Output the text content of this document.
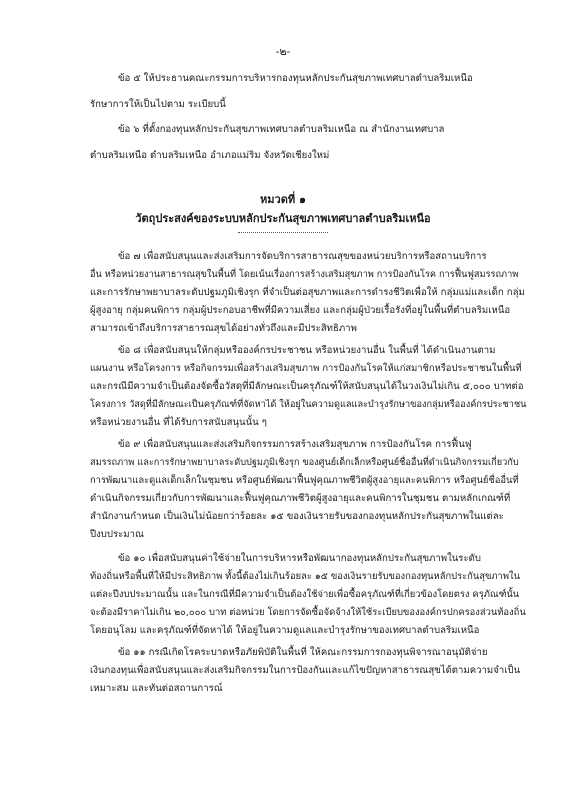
-๒-
ข้อ ๕ ให้ประธานคณะกรรมการบริหารกองทุนหลักประกันสุขภาพเทศบาลตำบลริมเหนือ
รักษาการให้เป็นไปตาม ระเบียบนี้
ข้อ ๖ ที่ตั้งกองทุนหลักประกันสุขภาพเทศบาลตำบลริมเหนือ ณ สำนักงานเทศบาล
ตำบลริมเหนือ ตำบลริมเหนือ อำเภอแม่ริม จังหวัดเชียงใหม่
หมวดที่ ๑
วัตถุประสงค์ของระบบหลักประกันสุขภาพเทศบาลตำบลริมเหนือ
ข้อ ๗ เพื่อสนับสนุนและส่งเสริมการจัดบริการสาธารณสุขของหน่วยบริการหรือสถานบริการ
อื่น หรือหน่วยงานสาธารณสุขในพื้นที่ โดยเน้นเรื่องการสร้างเสริมสุขภาพ การป้องกันโรค การฟื้นฟูสมรรถภาพ
และการรักษาพยาบาลระดับปฐมภูมิเชิงรุก ที่จำเป็นต่อสุขภาพและการดำรงชีวิตเพื่อให้ กลุ่มแม่และเด็ก กลุ่ม
ผู้สูงอายุ กลุ่มคนพิการ กลุ่มผู้ประกอบอาชีพที่มีความเสี่ยง และกลุ่มผู้ป่วยเรื้อรังที่อยู่ในพื้นที่ตำบลริมเหนือ
สามารถเข้าถึงบริการสาธารณสุขได้อย่างทั่วถึงและมีประสิทธิภาพ
ข้อ ๘ เพื่อสนับสนุนให้กลุ่มหรือองค์กรประชาชน หรือหน่วยงานอื่น ในพื้นที่ ได้ดำเนินงานตาม
แผนงาน หรือโครงการ หรือกิจกรรมเพื่อสร้างเสริมสุขภาพ การป้องกันโรคให้แก่สมาชิกหรือประชาชนในพื้นที่
และกรณีมีความจำเป็นต้องจัดซื้อวัสดุที่มีลักษณะเป็นครุภัณฑ์ให้สนับสนุนได้ในวงเงินไม่เกิน ๕,๐๐๐ บาทต่อ
โครงการ วัสดุที่มีลักษณะเป็นครุภัณฑ์ที่จัดหาได้ ให้อยู่ในความดูแลและบำรุงรักษาของกลุ่มหรือองค์กรประชาชน
หรือหน่วยงานอื่น ที่ได้รับการสนับสนุนนั้น ๆ
ข้อ ๙ เพื่อสนับสนุนและส่งเสริมกิจกรรมการสร้างเสริมสุขภาพ การป้องกันโรค การฟื้นฟู
สมรรถภาพ และการรักษาพยาบาลระดับปฐมภูมิเชิงรุก ของศูนย์เด็กเล็กหรือศูนย์ชื่ออื่นที่ดำเนินกิจกรรมเกี่ยวกับ
การพัฒนาและดูแลเด็กเล็กในชุมชน หรือศูนย์พัฒนาฟื้นฟูคุณภาพชีวิตผู้สูงอายุและคนพิการ หรือศูนย์ชื่ออื่นที่
ดำเนินกิจกรรมเกี่ยวกับการพัฒนาและฟื้นฟูคุณภาพชีวิตผู้สูงอายุและคนพิการในชุมชน ตามหลักเกณฑ์ที่
สำนักงานกำหนด เป็นเงินไม่น้อยกว่าร้อยละ ๑๕ ของเงินรายรับของกองทุนหลักประกันสุขภาพในแต่ละ
ปีงบประมาณ
ข้อ ๑๐ เพื่อสนับสนุนค่าใช้จ่ายในการบริหารหรือพัฒนากองทุนหลักประกันสุขภาพในระดับ
ท้องถิ่นหรือพื้นที่ให้มีประสิทธิภาพ ทั้งนี้ต้องไม่เกินร้อยละ ๑๕ ของเงินรายรับของกองทุนหลักประกันสุขภาพใน
แต่ละปีงบประมาณนั้น และในกรณีที่มีความจำเป็นต้องใช้จ่ายเพื่อซื้อครุภัณฑ์ที่เกี่ยวข้องโดยตรง ครุภัณฑ์นั้น
จะต้องมีราคาไม่เกิน ๒๐,๐๐๐ บาท ต่อหน่วย โดยการจัดซื้อจัดจ้างให้ใช้ระเบียบขององค์กรปกครองส่วนท้องถิ่น
โดยอนุโลม และครุภัณฑ์ที่จัดหาได้ ให้อยู่ในความดูแลและบำรุงรักษาของเทศบาลตำบลริมเหนือ
ข้อ ๑๑ กรณีเกิดโรคระบาดหรือภัยพิบัติในพื้นที่ ให้คณะกรรมการกองทุนพิจารณาอนุมัติจ่าย
เงินกองทุนเพื่อสนับสนุนและส่งเสริมกิจกรรมในการป้องกันและแก้ไขปัญหาสาธารณสุขได้ตามความจำเป็น
เหมาะสม และทันต่อสถานการณ์
